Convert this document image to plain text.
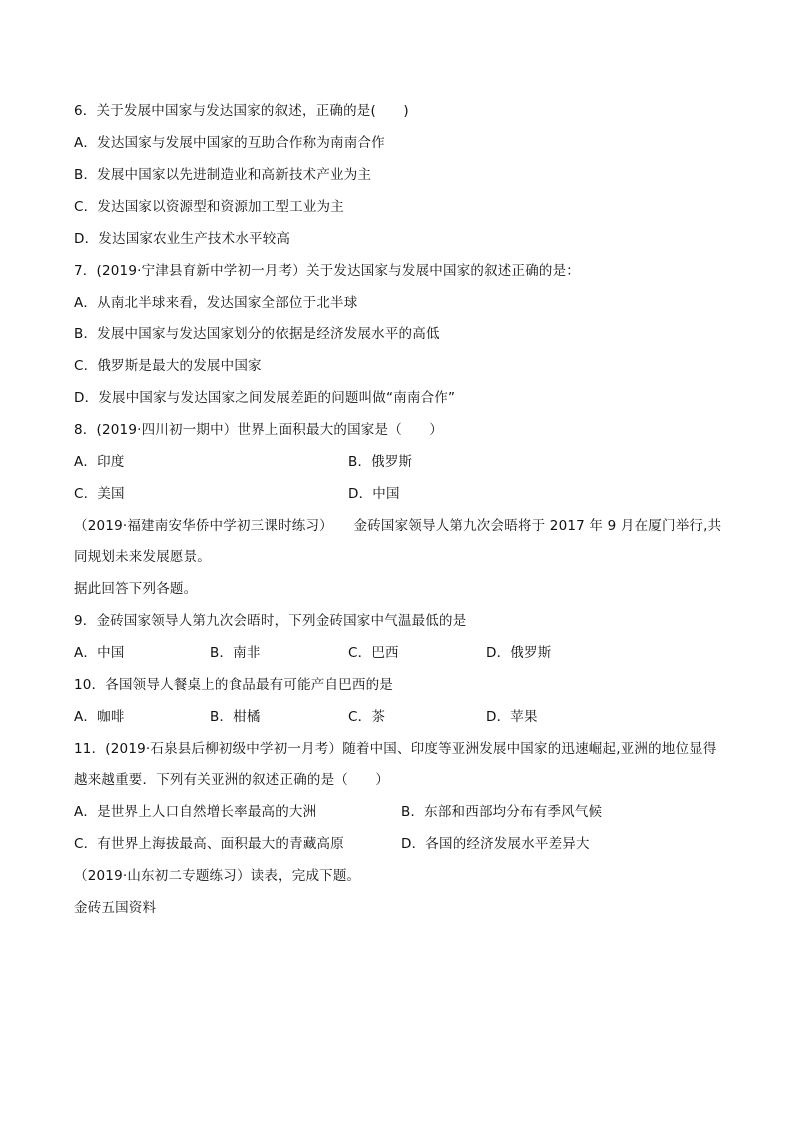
6．关于发展中国家与发达国家的叙述，正确的是(　　)
A．发达国家与发展中国家的互助合作称为南南合作
B．发展中国家以先进制造业和高新技术产业为主
C．发达国家以资源型和资源加工型工业为主
D．发达国家农业生产技术水平较高
7．(2019·宁津县育新中学初一月考）关于发达国家与发展中国家的叙述正确的是：
A．从南北半球来看，发达国家全部位于北半球
B．发展中国家与发达国家划分的依据是经济发展水平的高低
C．俄罗斯是最大的发展中国家
D．发展中国家与发达国家之间发展差距的问题叫做“南南合作”
8．(2019·四川初一期中）世界上面积最大的国家是（　　）
A．印度	B．俄罗斯
C．美国	D．中国
（2019·福建南安华侨中学初三课时练习）　　金砖国家领导人第九次会晤将于 2017 年 9 月在厦门举行,共
同规划未来发展愿景。
据此回答下列各题。
9．金砖国家领导人第九次会晤时，下列金砖国家中气温最低的是
A．中国	B．南非	C．巴西	D．俄罗斯
10．各国领导人餐桌上的食品最有可能产自巴西的是
A．咖啡	B．柑橘	C．茶	D．苹果
11．(2019·石泉县后柳初级中学初一月考）随着中国、印度等亚洲发展中国家的迅速崛起,亚洲的地位显得
越来越重要．下列有关亚洲的叙述正确的是（　　）
A．是世界上人口自然增长率最高的大洲	B．东部和西部均分布有季风气候
C．有世界上海拔最高、面积最大的青藏高原	D．各国的经济发展水平差异大
（2019·山东初二专题练习）读表，完成下题。
金砖五国资料
